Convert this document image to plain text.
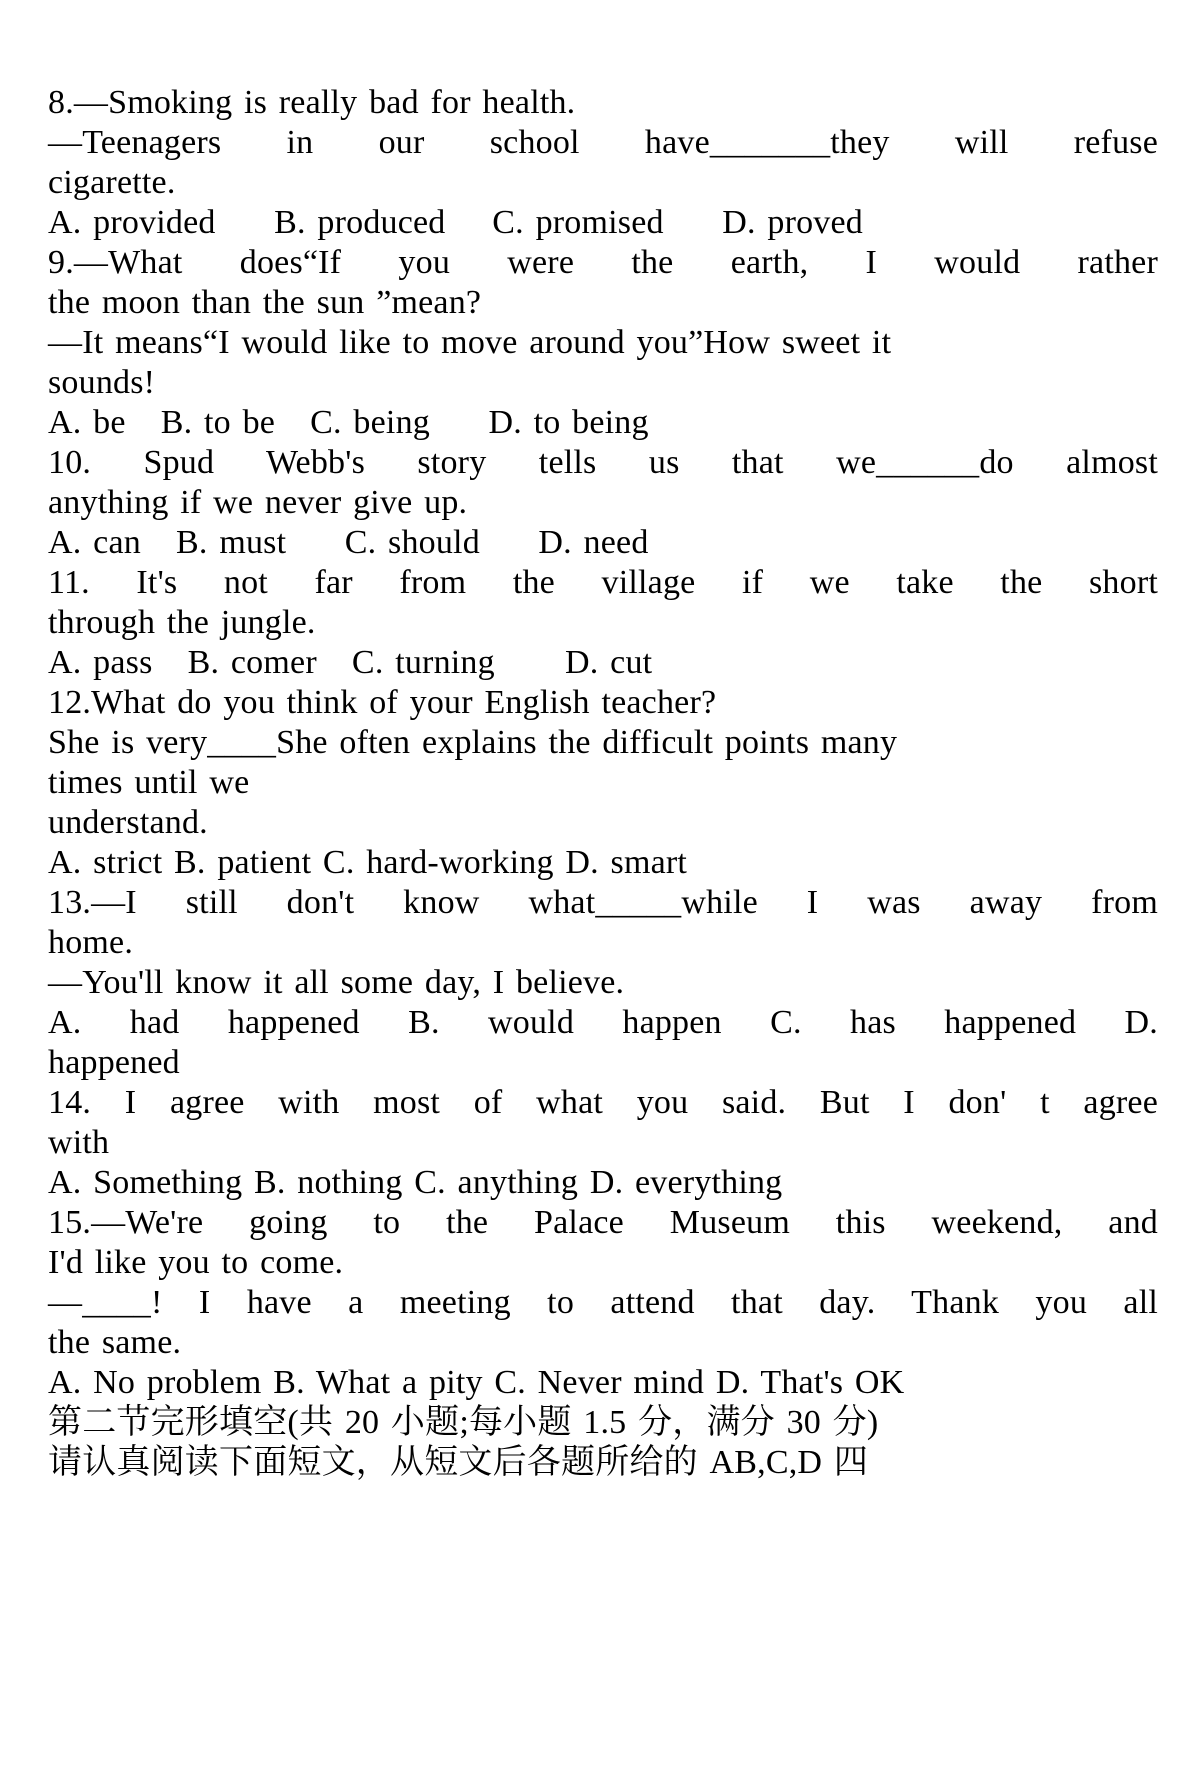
8.—Smoking is really bad for health.
—Teenagers in our school have_______they will refuse
cigarette.
A. provided     B. produced    C. promised     D. proved
9.—What does“If you were the earth, I would rather
the moon than the sun ”mean?
—It means“I would like to move around you”How sweet it
sounds!
A. be   B. to be   C. being     D. to being
10. Spud Webb's story tells us that we______do almost
anything if we never give up.
A. can   B. must     C. should     D. need
11. It's not far from the village if we take the short
through the jungle.
A. pass   B. comer   C. turning      D. cut
12.What do you think of your English teacher?
She is very____She often explains the difficult points many
times until we
understand.
A. strict B. patient C. hard-working D. smart
13.—I still don't know what_____while I was away from
home.
—You'll know it all some day, I believe.
A. had happened B. would happen C. has happened D.
happened
14. I agree with most of what you said. But I don' t agree
with
A. Something B. nothing C. anything D. everything
15.—We're going to the Palace Museum this weekend, and
I'd like you to come.
—____! I have a meeting to attend that day. Thank you all
the same.
A. No problem B. What a pity C. Never mind D. That's OK
第二节完形填空(共 20 小题;每小题 1.5 分，满分 30 分)
请认真阅读下面短文，从短文后各题所给的 AB,C,D 四
